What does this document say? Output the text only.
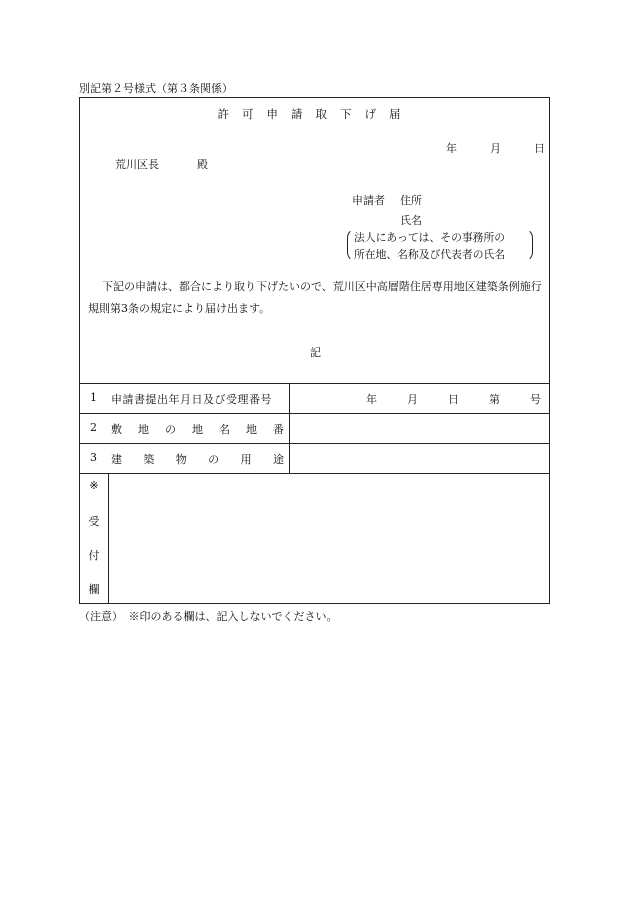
別記第２号様式（第３条関係）
許可申請取下げ届
年	月	日
荒川区長	殿
申請者 住所
氏名
法人にあっては、その事務所の
所在地、名称及び代表者の氏名
下記の申請は、都合により取り下げたいので、荒川区中高層階住居専用地区建築条例施行規則第3条の規定により届け出ます。
記
1 申請書提出年月日及び受理番号	年	月	日	第	号
2 敷 地 の 地 名 地 番
3 建 築 物 の 用 途
※
受
付
欄
（注意）　※印のある欄は、記入しないでください。
